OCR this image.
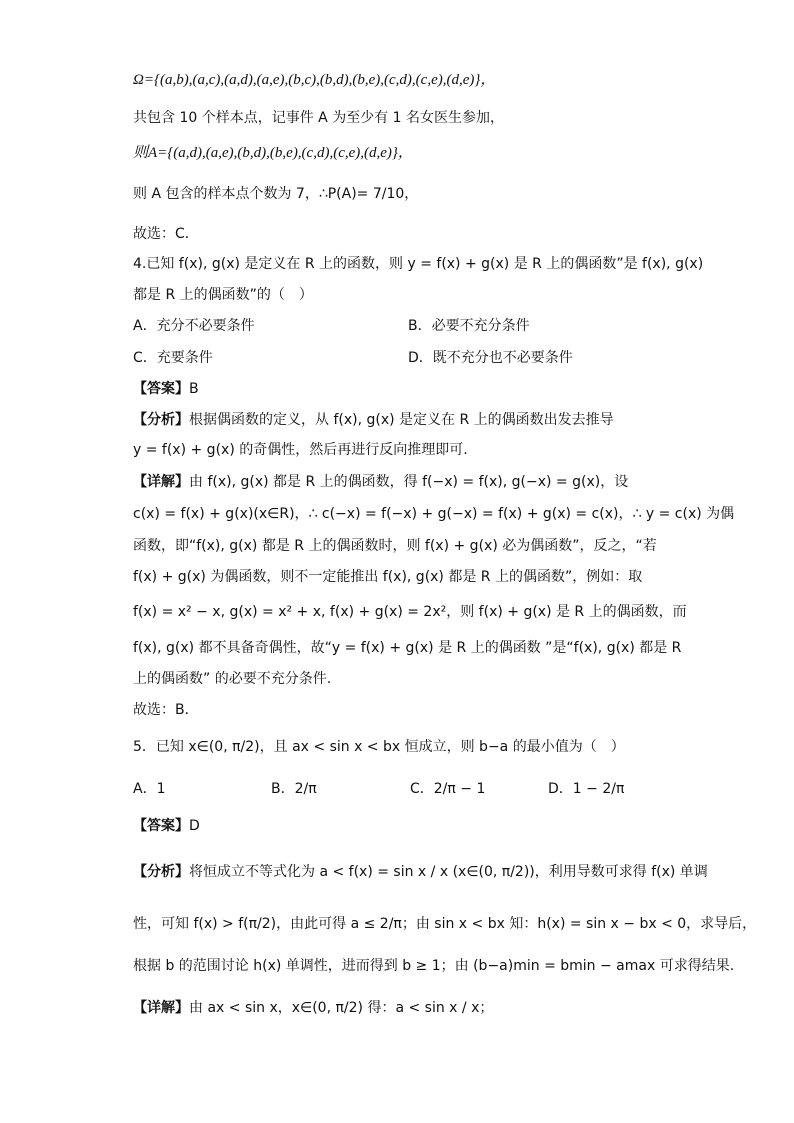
Ω={(a,b),(a,c),(a,d),(a,e),(b,c),(b,d),(b,e),(c,d),(c,e),(d,e)}，
共包含 10 个样本点，记事件 A 为至少有 1 名女医生参加，
则A={(a,d),(a,e),(b,d),(b,e),(c,d),(c,e),(d,e)}，
则 A 包含的样本点个数为 7，∴P(A)= 7/10，
故选：C．
4.已知 f(x), g(x) 是定义在 R 上的函数，则 y = f(x) + g(x) 是 R 上的偶函数”是 f(x), g(x)
都是 R 上的偶函数”的（　）
A．充分不必要条件	B．必要不充分条件
C．充要条件	D．既不充分也不必要条件
【答案】B
【分析】根据偶函数的定义，从 f(x), g(x) 是定义在 R 上的偶函数出发去推导
y = f(x) + g(x) 的奇偶性，然后再进行反向推理即可.
【详解】由 f(x), g(x) 都是 R 上的偶函数，得 f(−x) = f(x), g(−x) = g(x)，设
c(x) = f(x) + g(x)(x∈R)，∴ c(−x) = f(−x) + g(−x) = f(x) + g(x) = c(x)，∴ y = c(x) 为偶
函数，即“f(x), g(x) 都是 R 上的偶函数时，则 f(x) + g(x) 必为偶函数”，反之，“若
f(x) + g(x) 为偶函数，则不一定能推出 f(x), g(x) 都是 R 上的偶函数”，例如：取
f(x) = x² − x, g(x) = x² + x, f(x) + g(x) = 2x²，则 f(x) + g(x) 是 R 上的偶函数，而
f(x), g(x) 都不具备奇偶性，故“y = f(x) + g(x) 是 R 上的偶函数 ”是“f(x), g(x) 都是 R
上的偶函数” 的必要不充分条件.
故选：B．
5．已知 x∈(0, π/2)，且 ax < sin x < bx 恒成立，则 b−a 的最小值为（　）
A．1	B．2/π	C．2/π − 1	D．1 − 2/π
【答案】D
【分析】将恒成立不等式化为 a < f(x) = sin x / x (x∈(0, π/2))，利用导数可求得 f(x) 单调
性，可知 f(x) > f(π/2)，由此可得 a ≤ 2/π；由 sin x < bx 知：h(x) = sin x − bx < 0，求导后，
根据 b 的范围讨论 h(x) 单调性，进而得到 b ≥ 1；由 (b−a)min = bmin − amax 可求得结果.
【详解】由 ax < sin x，x∈(0, π/2) 得：a < sin x / x；
